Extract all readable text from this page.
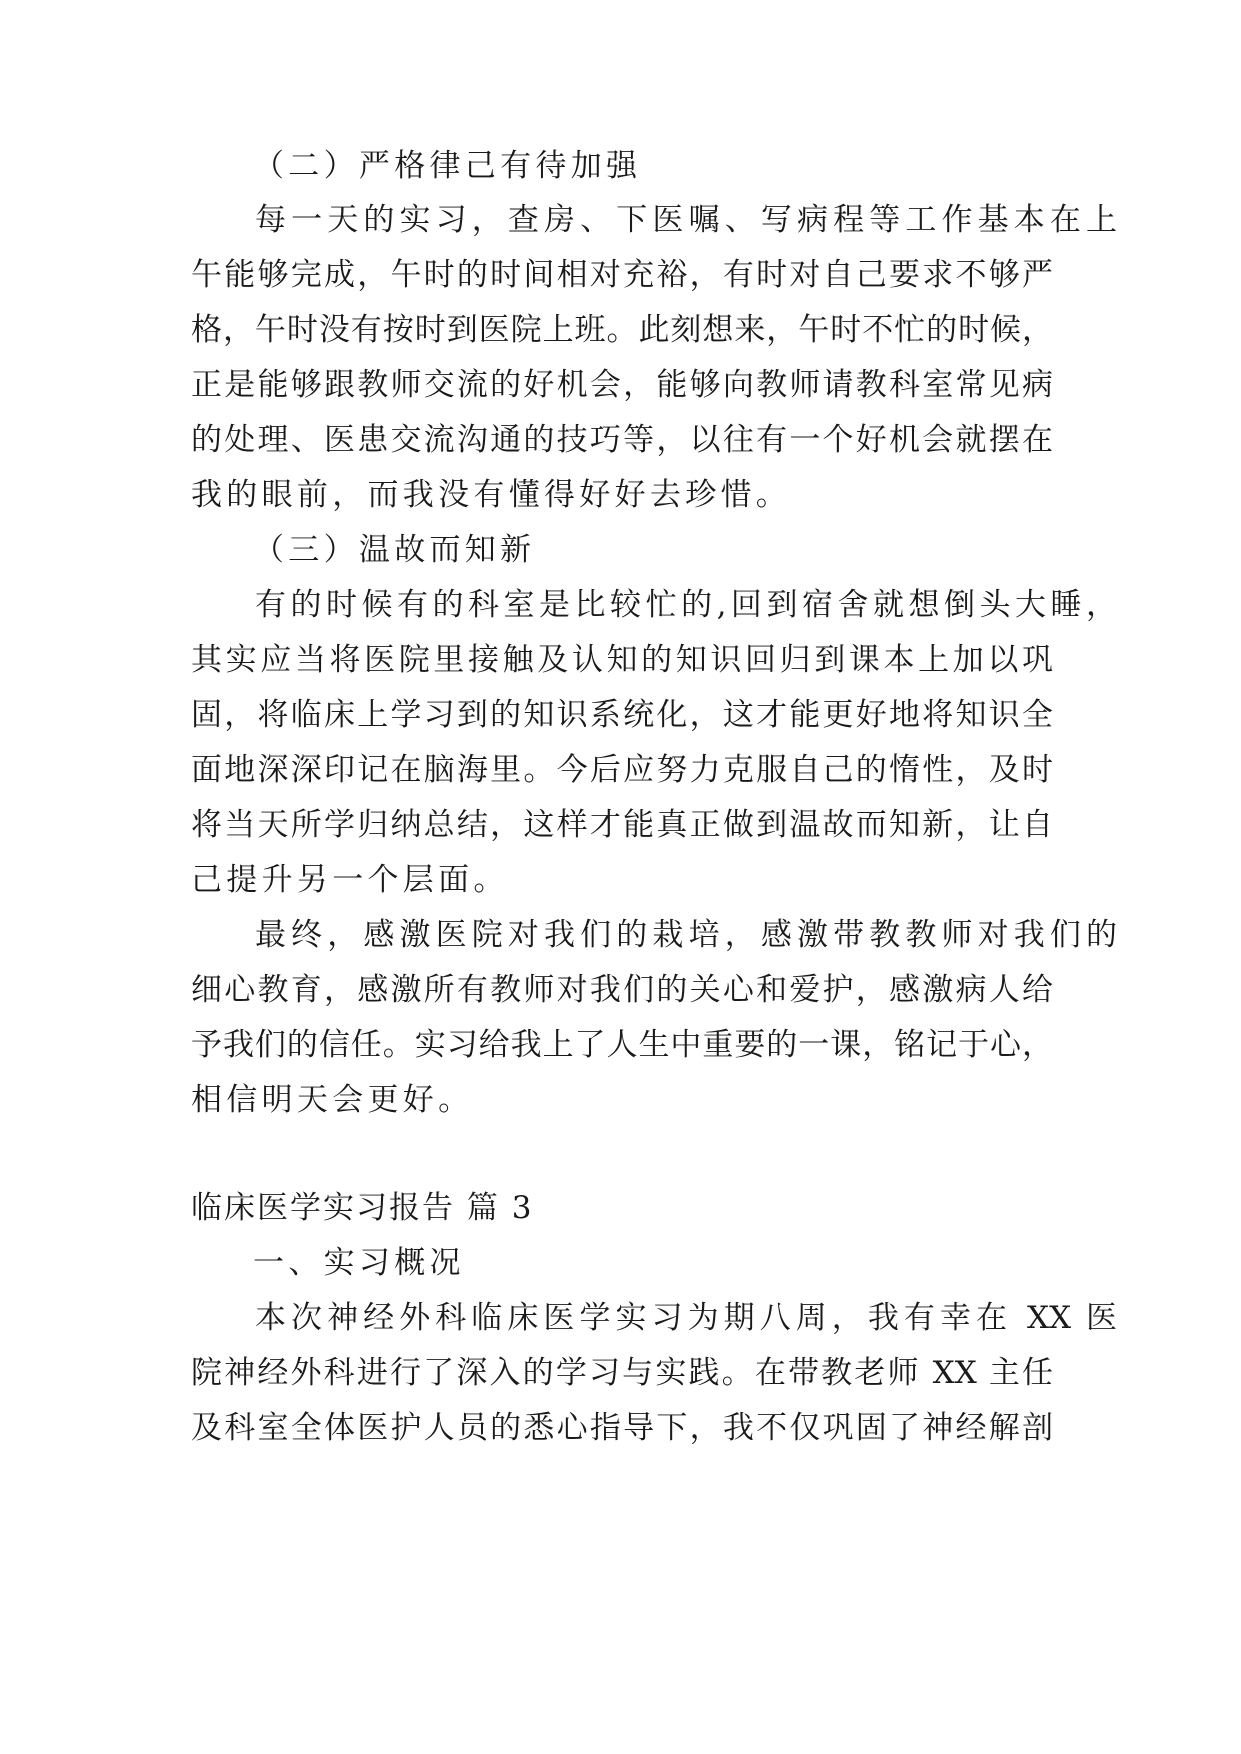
（二）严格律己有待加强
每一天的实习，查房、下医嘱、写病程等工作基本在上
午能够完成，午时的时间相对充裕，有时对自己要求不够严
格，午时没有按时到医院上班。此刻想来，午时不忙的时候，
正是能够跟教师交流的好机会，能够向教师请教科室常见病
的处理、医患交流沟通的技巧等，以往有一个好机会就摆在
我的眼前，而我没有懂得好好去珍惜。
（三）温故而知新
有的时候有的科室是比较忙的,回到宿舍就想倒头大睡，
其实应当将医院里接触及认知的知识回归到课本上加以巩
固，将临床上学习到的知识系统化，这才能更好地将知识全
面地深深印记在脑海里。今后应努力克服自己的惰性，及时
将当天所学归纳总结，这样才能真正做到温故而知新，让自
己提升另一个层面。
最终，感激医院对我们的栽培，感激带教教师对我们的
细心教育，感激所有教师对我们的关心和爱护，感激病人给
予我们的信任。实习给我上了人生中重要的一课，铭记于心，
相信明天会更好。
临床医学实习报告 篇 3
一、实习概况
本次神经外科临床医学实习为期八周，我有幸在 XX 医
院神经外科进行了深入的学习与实践。在带教老师 XX 主任
及科室全体医护人员的悉心指导下，我不仅巩固了神经解剖
